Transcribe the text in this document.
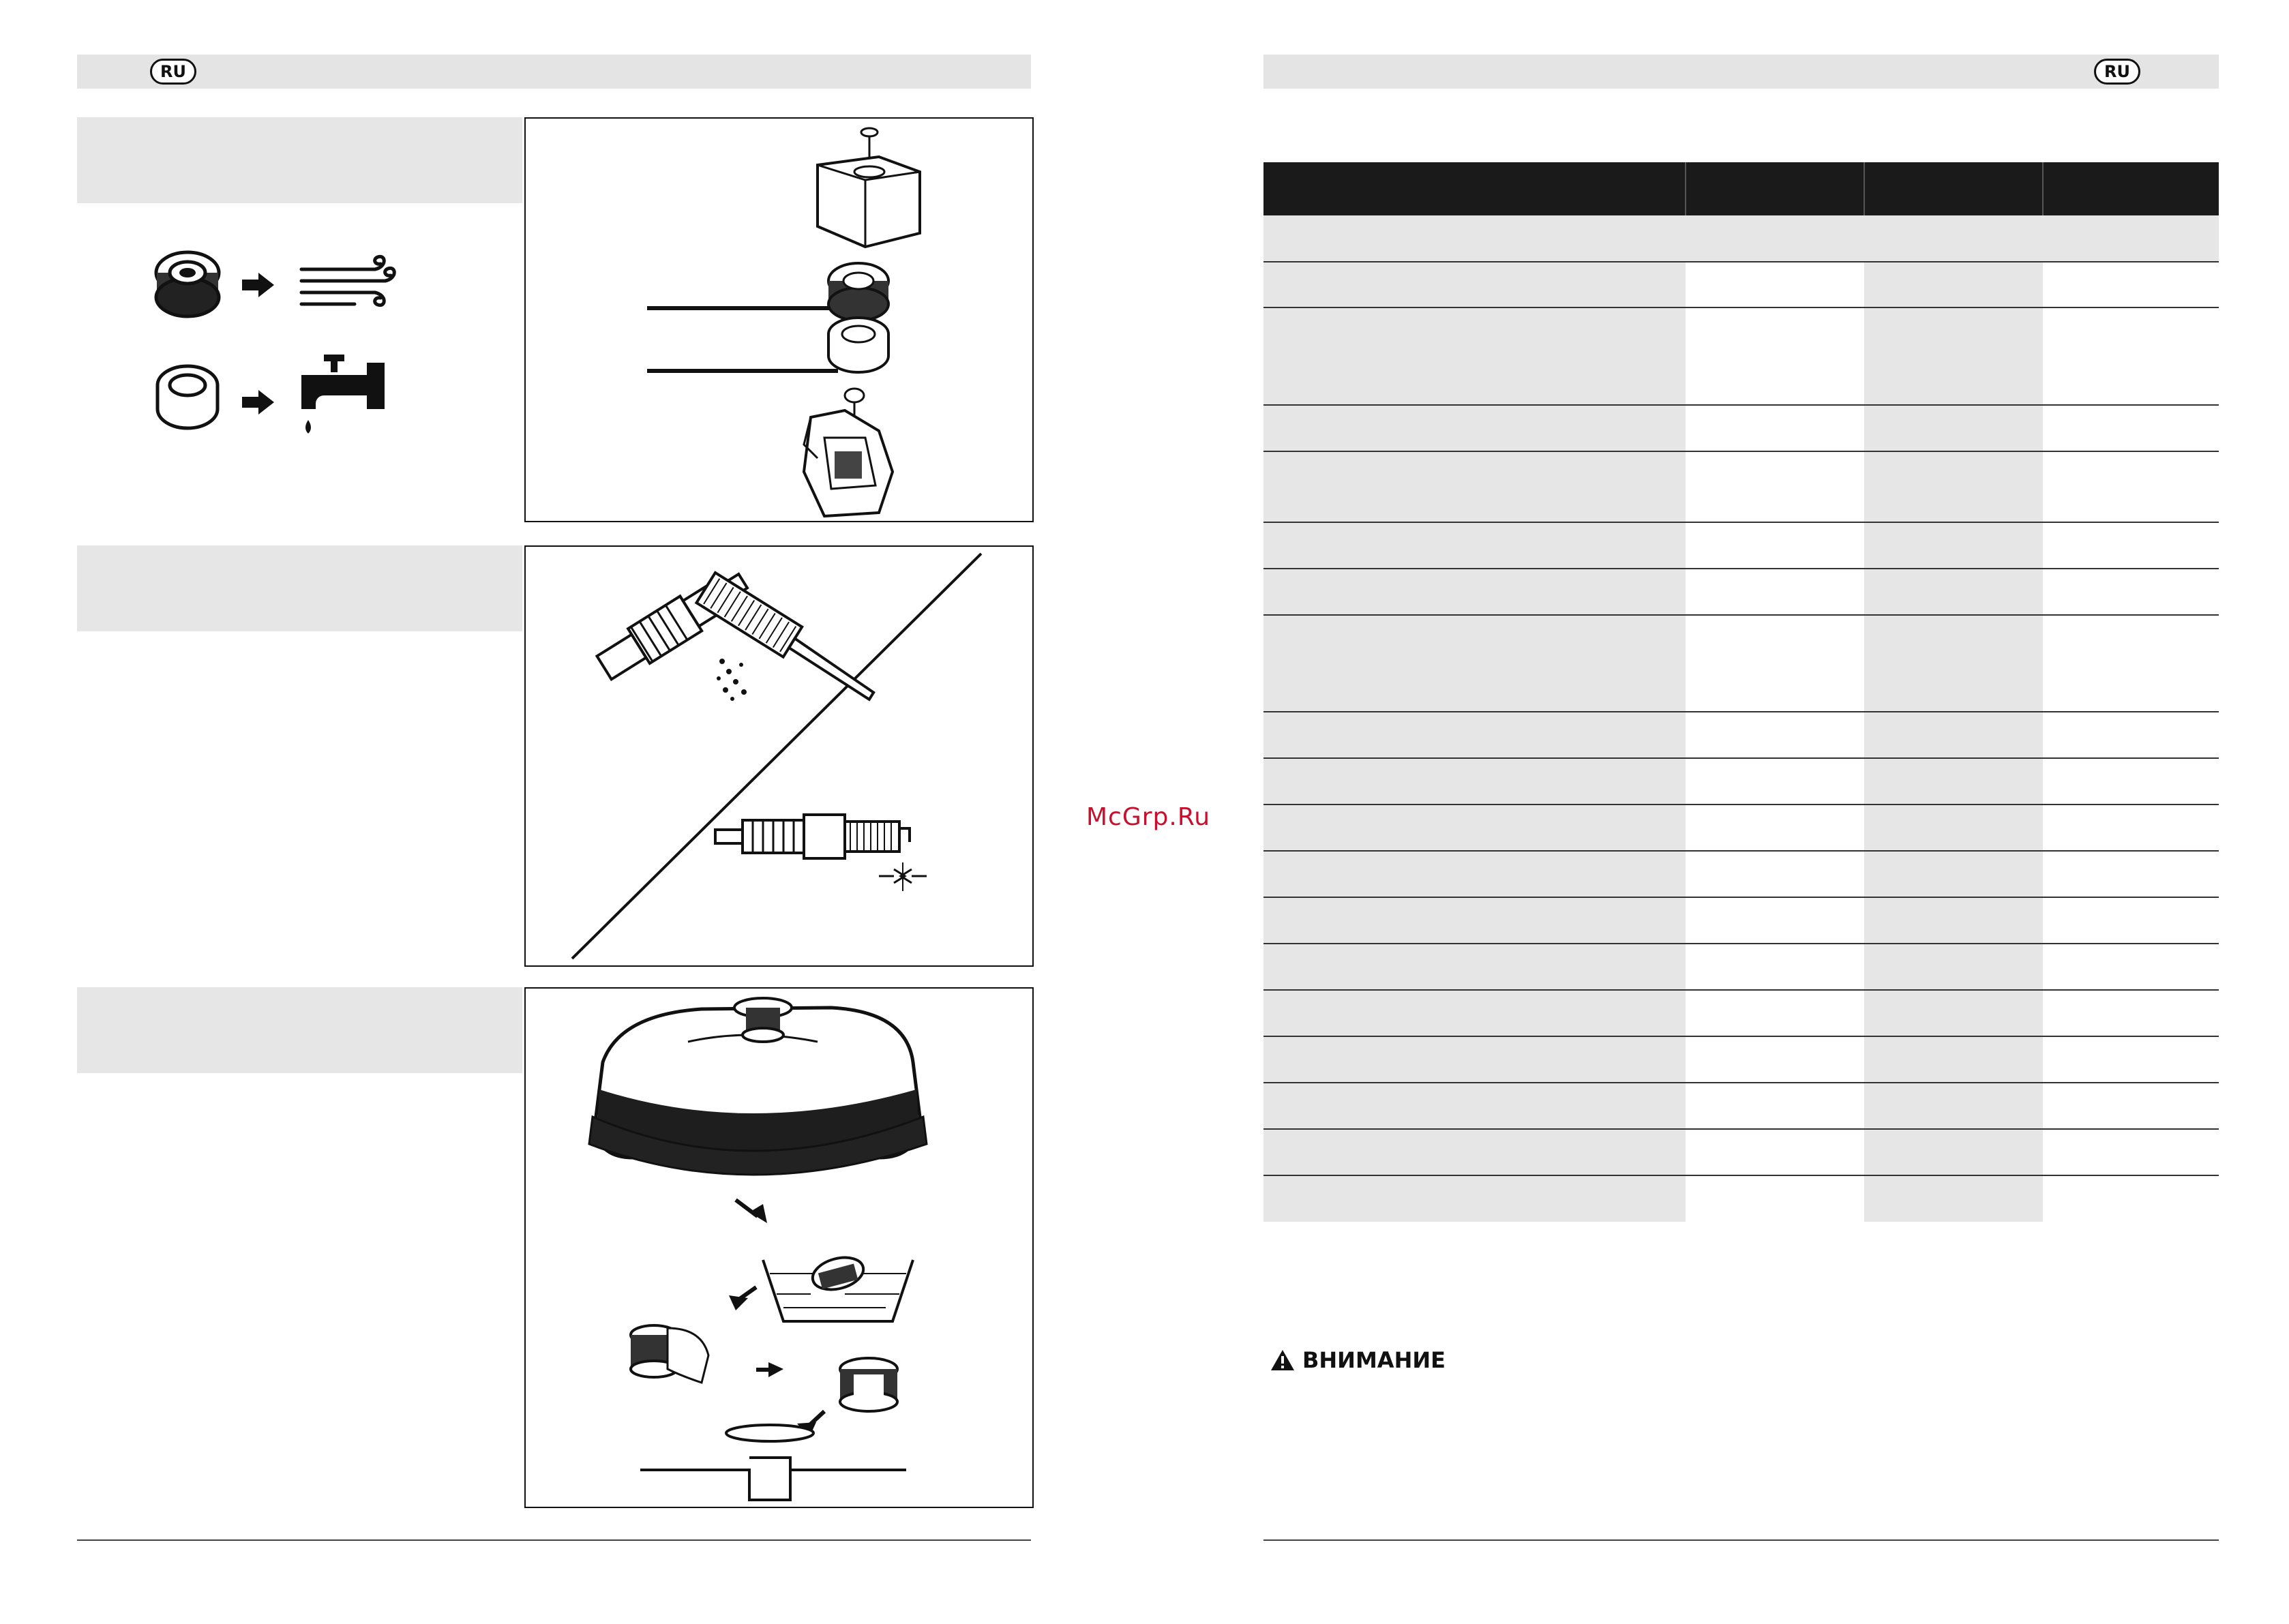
RU	RU
McGrp.Ru

ВНИМАНИЕ
